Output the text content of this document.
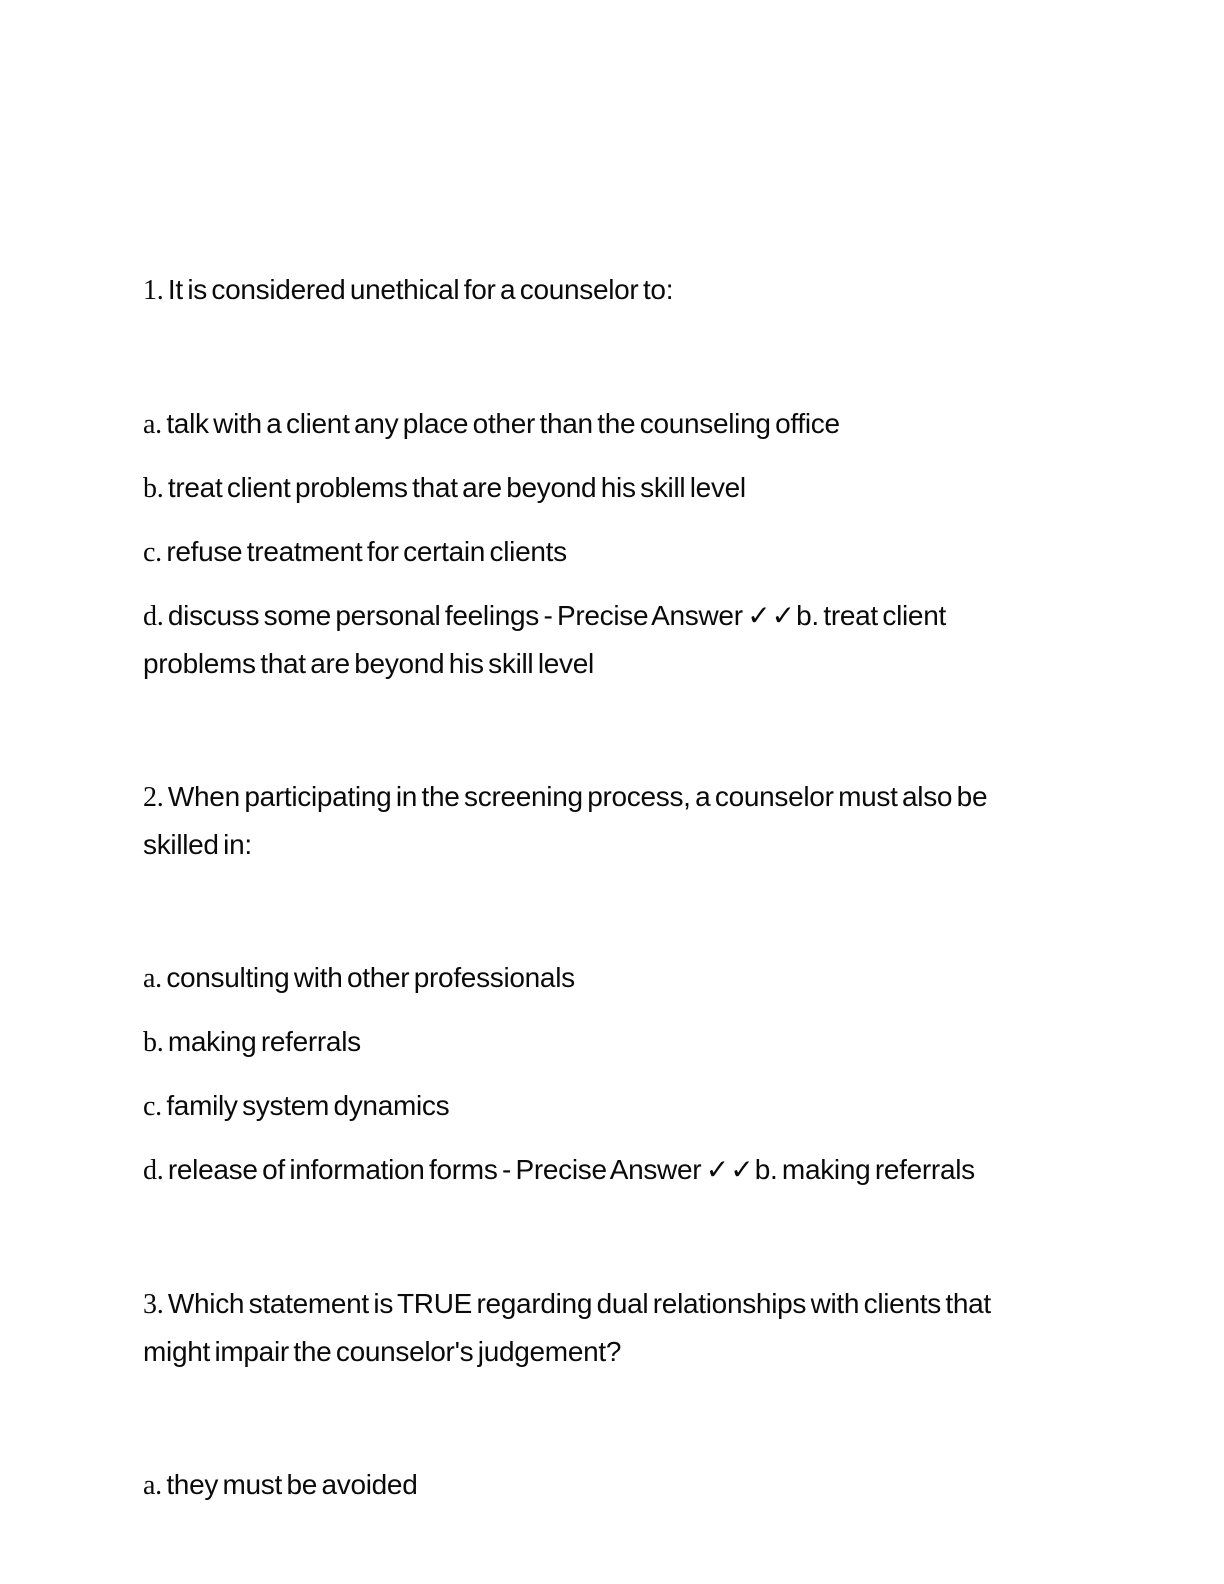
1. It is considered unethical for a counselor to:

a. talk with a client any place other than the counseling office

b. treat client problems that are beyond his skill level

c. refuse treatment for certain clients

d. discuss some personal feelings - Precise Answer ✓✓b. treat client problems that are beyond his skill level

2. When participating in the screening process, a counselor must also be skilled in:

a. consulting with other professionals

b. making referrals

c. family system dynamics

d. release of information forms - Precise Answer ✓✓b. making referrals

3. Which statement is TRUE regarding dual relationships with clients that might impair the counselor's judgement?

a. they must be avoided
